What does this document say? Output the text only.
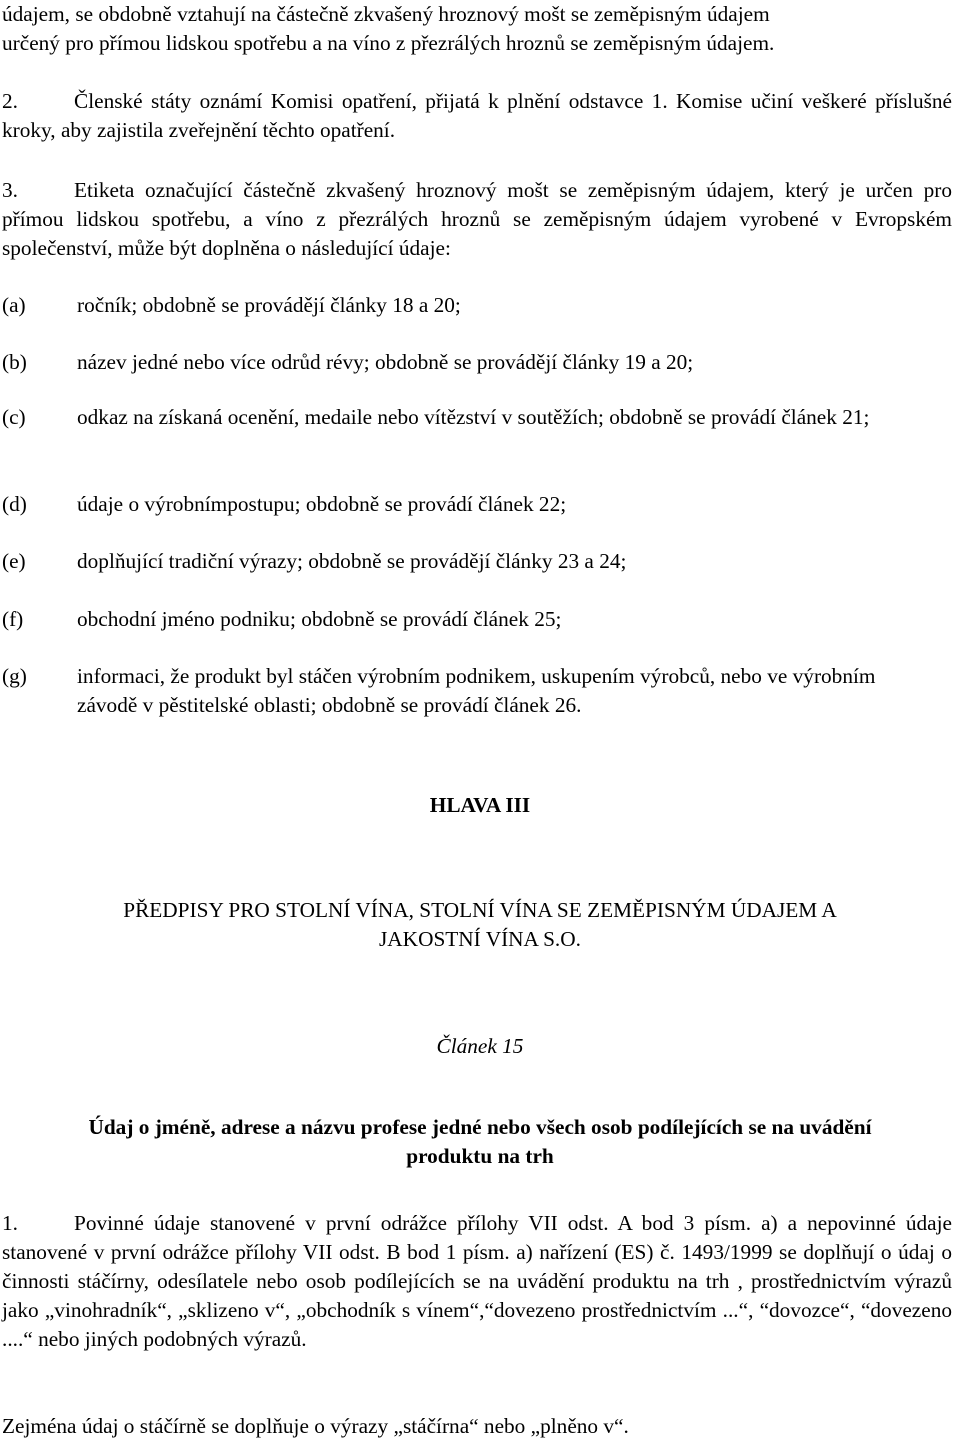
údajem, se obdobně vztahují na částečně zkvašený hroznový mošt se zeměpisným údajem
určený pro přímou lidskou spotřebu a na víno z přezrálých hroznů se zeměpisným údajem.

2.	Členské státy oznámí Komisi opatření, přijatá k plnění odstavce 1. Komise učiní veškeré příslušné kroky, aby zajistila zveřejnění těchto opatření.

3.	Etiketa označující částečně zkvašený hroznový mošt se zeměpisným údajem, který je určen pro přímou lidskou spotřebu, a víno z přezrálých hroznů se zeměpisným údajem vyrobené v Evropském společenství, může být doplněna o následující údaje:

(a) ročník; obdobně se provádějí články 18 a 20;
(b) název jedné nebo více odrůd révy; obdobně se provádějí články 19 a 20;
(c) odkaz na získaná ocenění, medaile nebo vítězství v soutěžích; obdobně se provádí článek 21;
(d) údaje o výrobnímpostupu; obdobně se provádí článek 22;
(e) doplňující tradiční výrazy; obdobně se provádějí články 23 a 24;
(f)	obchodní jméno podniku; obdobně se provádí článek 25;
(g) informaci, že produkt byl stáčen výrobním podnikem, uskupením výrobců, nebo ve výrobním závodě v pěstitelské oblasti; obdobně se provádí článek 26.
HLAVA III
PŘEDPISY PRO STOLNÍ VÍNA, STOLNÍ VÍNA SE ZEMĚPISNÝM ÚDAJEM A
JAKOSTNÍ VÍNA S.O.
Článek 15
Údaj o jméně, adrese a názvu profese jedné nebo všech osob podílejících se na uvádění
produktu na trh

1.	Povinné údaje stanovené v první odrážce přílohy VII odst. A bod 3 písm. a) a nepovinné údaje stanovené v první odrážce přílohy VII odst. B bod 1 písm. a) nařízení (ES) č. 1493/1999 se doplňují o údaj o činnosti stáčírny, odesílatele nebo osob podílejících se na uvádění produktu na trh , prostřednictvím výrazů jako „vinohradník“, „sklizeno v“, „obchodník s vínem“,“dovezeno prostřednictvím ...“, “dovozce“, “dovezeno ....“ nebo jiných podobných výrazů.

Zejména údaj o stáčírně se doplňuje o výrazy „stáčírna“ nebo „plněno v“.
